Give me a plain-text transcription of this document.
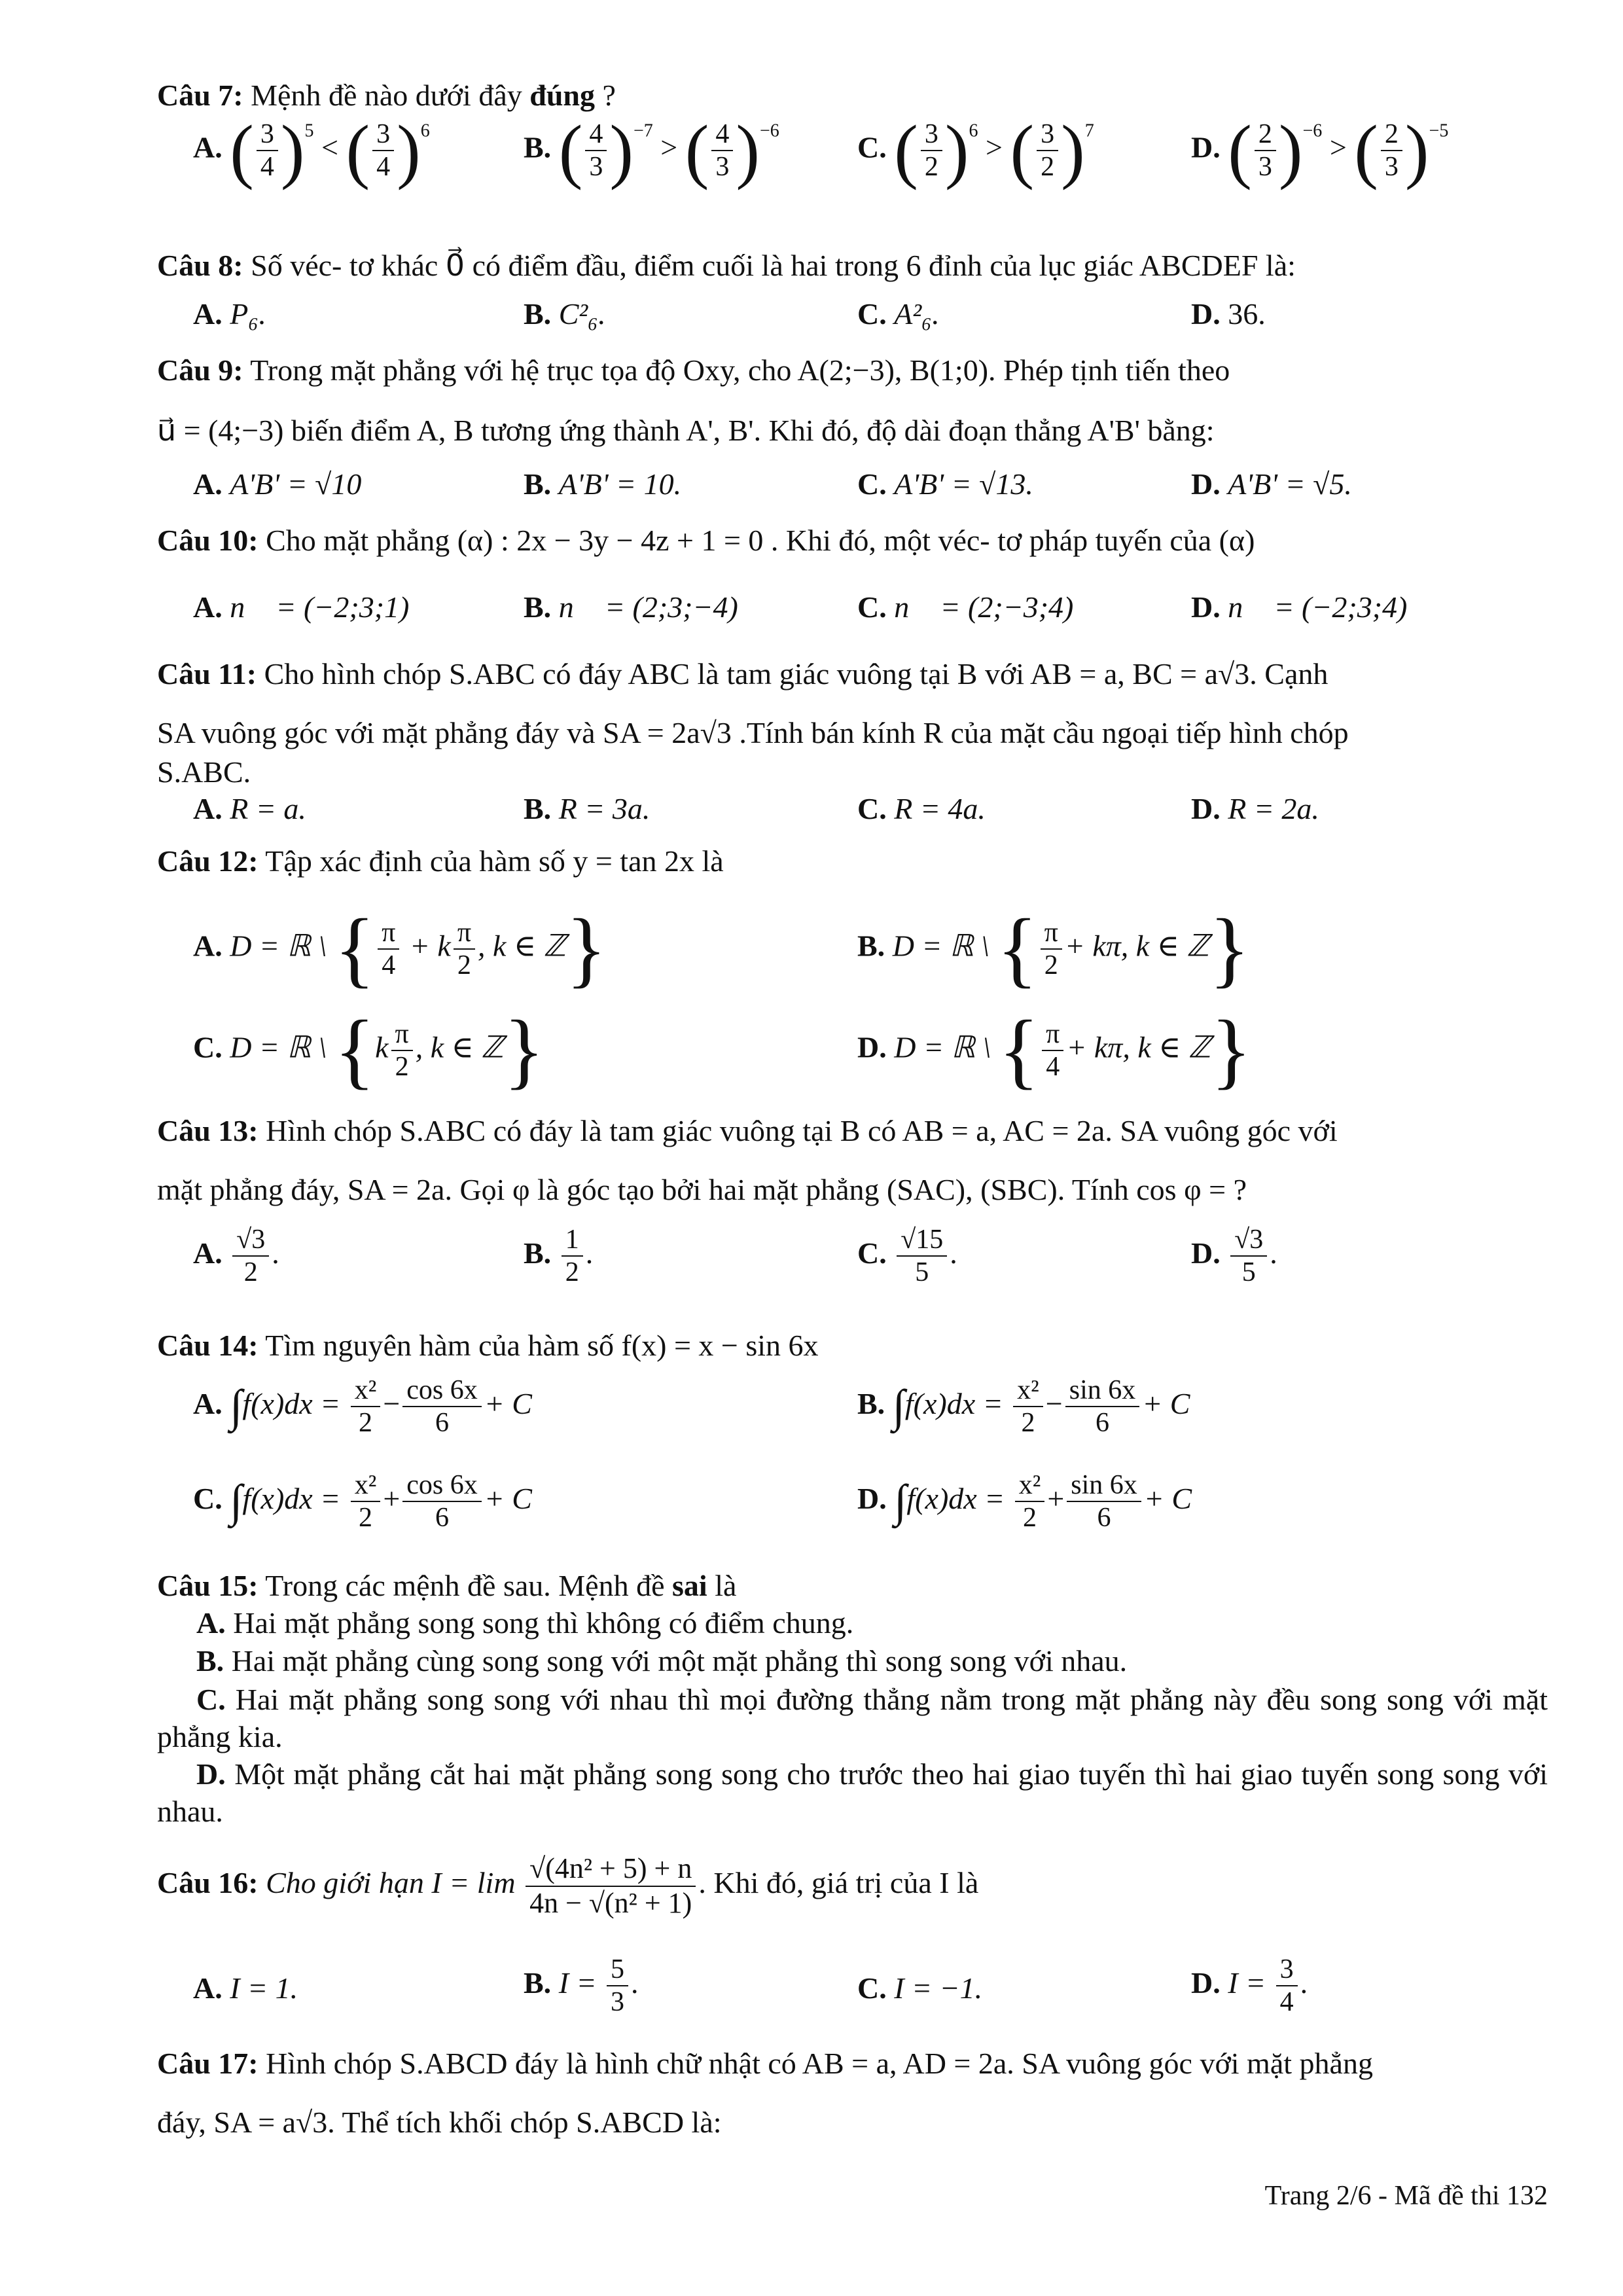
Câu 7: Mệnh đề nào dưới đây đúng ?
A. ( $\frac{3}{4} )^5$ < ( $\frac{3}{4} )^6$	B. ( $\frac{4}{3} )^{-7}$ > ( $\frac{4}{3} )^{-6}$	C. ( $\frac{3}{2} )^6$ > ( $\frac{3}{2} )^7$	D. ( $\frac{2}{3} )^{-6}$ > ( $\frac{2}{3} )^{-5}$
Câu 8: Số véc- tơ khác 0⃗ có điểm đầu, điểm cuối là hai trong 6 đỉnh của lục giác ABCDEF là:
A. P₆.	B. C²₆.	C. A²₆.	D. 36.
Câu 9: Trong mặt phẳng với hệ trục tọa độ Oxy, cho A(2;−3), B(1;0). Phép tịnh tiến theo
u⃗ = (4;−3) biến điểm A, B tương ứng thành A', B'. Khi đó, độ dài đoạn thẳng A'B' bằng:
A. A'B' = √10	B. A'B' = 10.	C. A'B' = √13.	D. A'B' = √5.
Câu 10: Cho mặt phẳng (α) : 2x − 3y − 4z + 1 = 0 . Khi đó, một véc- tơ pháp tuyến của (α)
A. n⃗ = (−2;3;1)	B. n⃗ = (2;3;−4)	C. n⃗ = (2;−3;4)	D. n⃗ = (−2;3;4)
Câu 11: Cho hình chóp S.ABC có đáy ABC là tam giác vuông tại B với AB = a, BC = a√3. Cạnh
SA vuông góc với mặt phẳng đáy và SA = 2a√3 .Tính bán kính R của mặt cầu ngoại tiếp hình chóp
S.ABC.
A. R = a.	B. R = 3a.	C. R = 4a.	D. R = 2a.
Câu 12: Tập xác định của hàm số y = tan 2x là
A. D = ℝ \ { $\frac{\pi}{4} + k \frac{\pi}{2}$ , k ∈ ℤ}	B. D = ℝ \ { $\frac{\pi}{2} + k\pi$, k ∈ ℤ}
C. D = ℝ \ {$k \frac{\pi}{2}$ , k ∈ ℤ}	D. D = ℝ \ { $\frac{\pi}{4} + k\pi$, k ∈ ℤ}
Câu 13: Hình chóp S.ABC có đáy là tam giác vuông tại B có AB = a, AC = 2a. SA vuông góc với
mặt phẳng đáy, SA = 2a. Gọi φ là góc tạo bởi hai mặt phẳng (SAC), (SBC). Tính cos φ = ?
A. $\frac{√3}{2}$ .	B. $\frac{1}{2}$ .	C. $\frac{√15}{5}$ .	D. $\frac{√3}{5}$ .
Câu 14: Tìm nguyên hàm của hàm số f(x) = x − sin 6x
A. $\int f(x)dx = \frac{\text{x²}}{2} - \frac{\cos 6x}{6} + C$	B. $\int f(x)dx = \frac{\text{x²}}{2} - \frac{\sin 6x}{6} + C$
C. $\int f(x)dx = \frac{\text{x²}}{2} + \frac{\cos 6x}{6} + C$	D. $\int f(x)dx = \frac{\text{x²}}{2} + \frac{\sin 6x}{6} + C$
Câu 15: Trong các mệnh đề sau. Mệnh đề sai là
A. Hai mặt phẳng song song thì không có điểm chung.
B. Hai mặt phẳng cùng song song với một mặt phẳng thì song song với nhau.
C. Hai mặt phẳng song song với nhau thì mọi đường thẳng nằm trong mặt phẳng này đều song song với mặt phẳng kia.
D. Một mặt phẳng cắt hai mặt phẳng song song cho trước theo hai giao tuyến thì hai giao tuyến song song với nhau.
Câu 16: Cho giới hạn $I = \lim \frac{\text{√(4n² + 5) + n}}{\text{4n − √(n² + 1)}}$ . Khi đó, giá trị của I là
A. I = 1.	B. $I = \frac{5}{3}$ .	C. I = −1.	D. $I = \frac{3}{4}$ .
Câu 17: Hình chóp S.ABCD đáy là hình chữ nhật có AB = a, AD = 2a. SA vuông góc với mặt phẳng
đáy, SA = a√3. Thể tích khối chóp S.ABCD là:
Trang 2/6 - Mã đề thi 132
